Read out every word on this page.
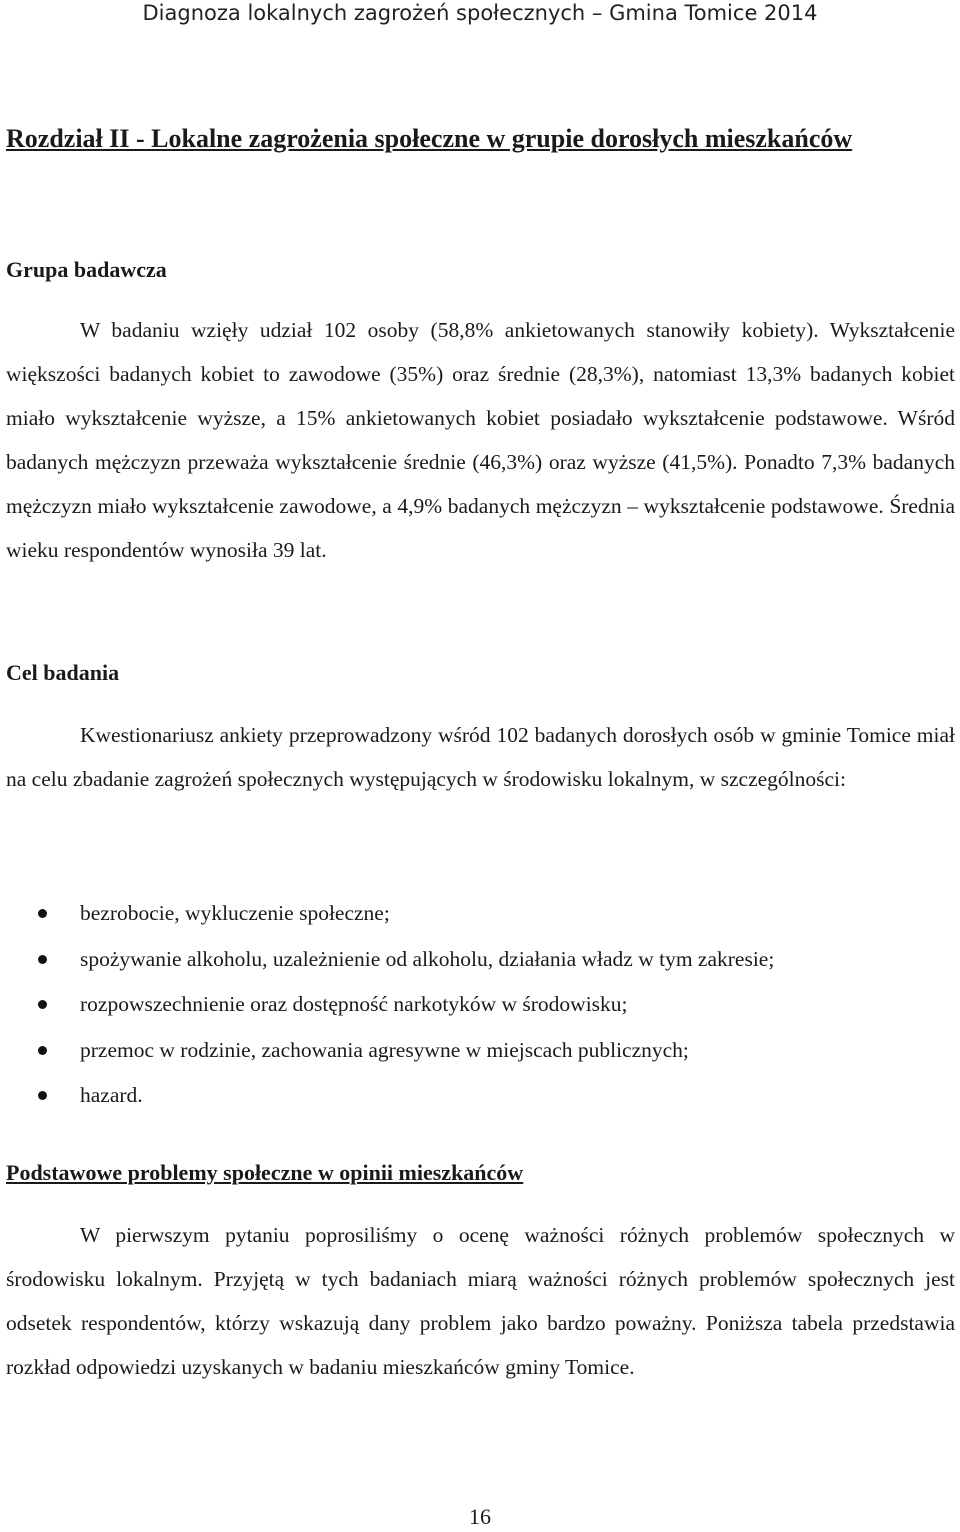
Diagnoza lokalnych zagrożeń społecznych – Gmina Tomice 2014
Rozdział II - Lokalne zagrożenia społeczne w grupie dorosłych mieszkańców
Grupa badawcza

W badaniu wzięły udział 102 osoby (58,8% ankietowanych stanowiły kobiety). Wykształcenie większości badanych kobiet to zawodowe (35%) oraz średnie (28,3%), natomiast 13,3% badanych kobiet miało wykształcenie wyższe, a 15% ankietowanych kobiet posiadało wykształcenie podstawowe. Wśród badanych mężczyzn przeważa wykształcenie średnie (46,3%) oraz wyższe (41,5%). Ponadto 7,3% badanych mężczyzn miało wykształcenie zawodowe, a 4,9% badanych mężczyzn – wykształcenie podstawowe. Średnia wieku respondentów wynosiła 39 lat.

Cel badania

Kwestionariusz ankiety przeprowadzony wśród 102 badanych dorosłych osób w gminie Tomice miał na celu zbadanie zagrożeń społecznych występujących w środowisku lokalnym, w szczególności:

bezrobocie, wykluczenie społeczne;
spożywanie alkoholu, uzależnienie od alkoholu, działania władz w tym zakresie;
rozpowszechnienie oraz dostępność narkotyków w środowisku;
przemoc w rodzinie, zachowania agresywne w miejscach publicznych;
hazard.
Podstawowe problemy społeczne w opinii mieszkańców

W pierwszym pytaniu poprosiliśmy o ocenę ważności różnych problemów społecznych w środowisku lokalnym. Przyjętą w tych badaniach miarą ważności różnych problemów społecznych jest odsetek respondentów, którzy wskazują dany problem jako bardzo poważny. Poniższa tabela przedstawia rozkład odpowiedzi uzyskanych w badaniu mieszkańców gminy Tomice.

16
